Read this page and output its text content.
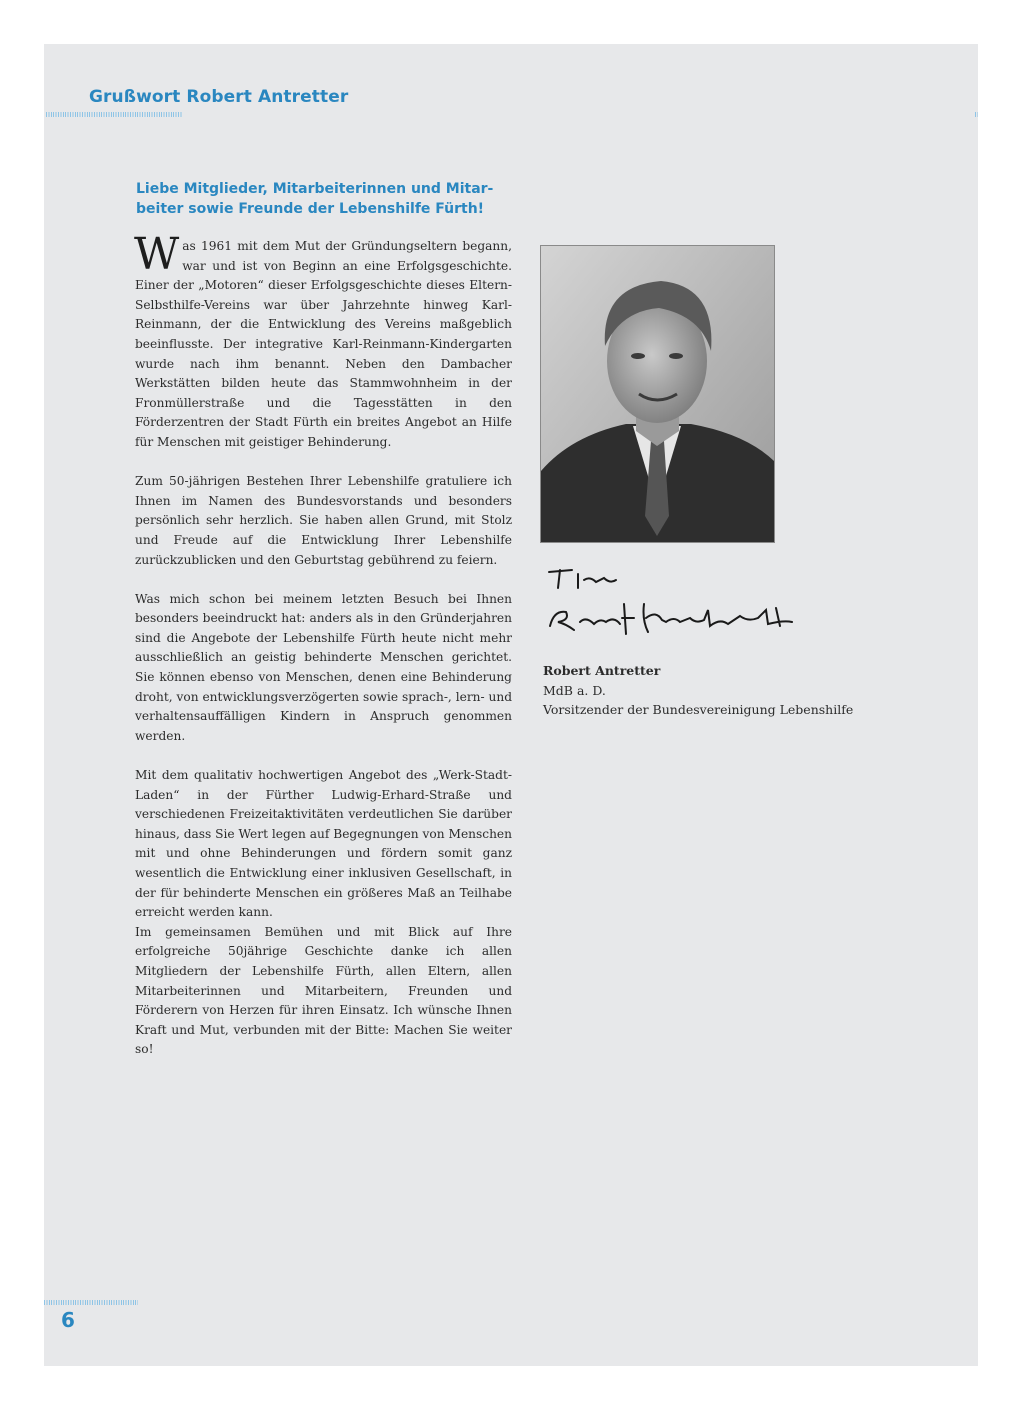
Grußwort Robert Antretter
Liebe Mitglieder, Mitarbeiterinnen und Mitar-
beiter sowie Freunde der Lebenshilfe Fürth!

Was 1961 mit dem Mut der Gründungseltern begann, war und ist von Beginn an eine Erfolgsgeschichte. Einer der „Motoren“ dieser Erfolgsgeschichte dieses Eltern-Selbsthilfe-Vereins war über Jahrzehnte hinweg Karl-Reinmann, der die Entwicklung des Vereins maßgeblich beeinflusste. Der integrative Karl-Reinmann-Kindergarten wurde nach ihm benannt. Neben den Dambacher Werkstätten bilden heute das Stammwohnheim in der Fronmüllerstraße und die Tagesstätten in den Förderzentren der Stadt Fürth ein breites Angebot an Hilfe für Menschen mit geistiger Behinderung.

Zum 50-jährigen Bestehen Ihrer Lebenshilfe gratuliere ich Ihnen im Namen des Bundesvorstands und besonders persönlich sehr herzlich. Sie haben allen Grund, mit Stolz und Freude auf die Entwicklung Ihrer Lebenshilfe zurückzublicken und den Geburtstag gebührend zu feiern.

Was mich schon bei meinem letzten Besuch bei Ihnen besonders beeindruckt hat: anders als in den Gründerjahren sind die Angebote der Lebenshilfe Fürth heute nicht mehr ausschließlich an geistig behinderte Menschen gerichtet. Sie können ebenso von Menschen, denen eine Behinderung droht, von entwicklungsverzögerten sowie sprach-, lern- und verhaltensauffälligen Kindern in Anspruch genommen werden.

Mit dem qualitativ hochwertigen Angebot des „Werk-Stadt-Laden“ in der Fürther Ludwig-Erhard-Straße und verschiedenen Freizeitaktivitäten verdeutlichen Sie darüber hinaus, dass Sie Wert legen auf Begegnungen von Menschen mit und ohne Behinderungen und fördern somit ganz wesentlich die Entwicklung einer inklusiven Gesellschaft, in der für behinderte Menschen ein größeres Maß an Teilhabe erreicht werden kann.

Im gemeinsamen Bemühen und mit Blick auf Ihre erfolgreiche 50jährige Geschichte danke ich allen Mitgliedern der Lebenshilfe Fürth, allen Eltern, allen Mitarbeiterinnen und Mitarbeitern, Freunden und Förderern von Herzen für ihren Einsatz. Ich wünsche Ihnen Kraft und Mut, verbunden mit der Bitte: Machen Sie weiter so!

Robert Antretter
MdB a. D.
Vorsitzender der Bundesvereinigung Lebenshilfe
6
